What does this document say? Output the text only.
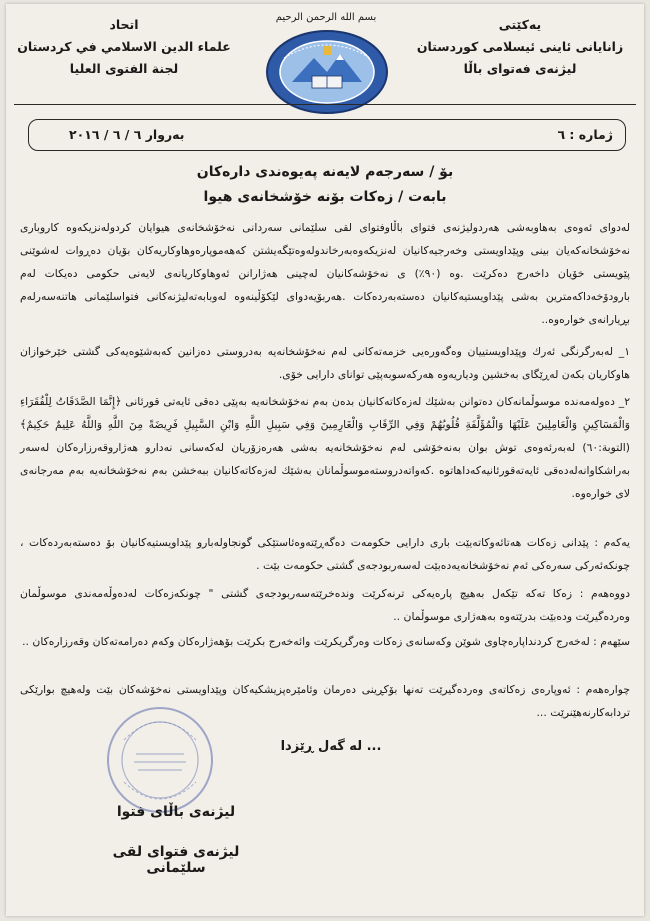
بسم الله الرحمن الرحيم	يەكێتی
زانایانی ئاینی ئیسلامی كوردستان
لیژنەی فەتوای باڵا
اتحاد
علماء الدين الاسلامي في كردستان
لجنة الفتوى العليا
ژمارە : ٦
بەروار ٦ / ٦ / ٢٠١٦
بۆ / سەرجەم لایەنە پەیوەندی دارەكان
بابەت / زەكات بۆنە خۆشخانەی هیوا

لەدوای ئەوەی بەهاوبەشی هەردولیژنەی فتوای باڵاوفتوای لقی سلێمانی سەردانی نەخۆشخانەی هیوایان كردولەنزیكەوە كاروباری نەخۆشخانەكەیان بینی وپێداویستی وخەرجیەكانیان لەنزیكەوەبەرخاندولەوەتێگەیشتن كەهەموپارەوهاوكاریەكان بۆیان دەڕوات لەشوێنی پێویستی خۆیان داخەرج دەكرێت .وە (٩٠٪) ی نەخۆشەكانیان لەچینی هەژارانن ئەوهاوكاریانەی لایەنی حكومی دەیكات لەم بارودۆخەداكەمترین بەشی پێداویستیەكانیان دەستەبەردەكات .هەربۆیەدوای لێكۆڵینەوە لەوبابەتەلیژنەكانی فتواسلێمانی هاتنەسەرلەم بڕیارانەی خوارەوە..

١_ لەبەرگرنگی ئەرك وپێداویستییان وەگەورەیی خزمەتەكانی لەم نەخۆشخانەیە بەدروستی دەزانین كەبەشێوەیەكی گشتی خێرخوازان هاوكاریان بكەن لەڕێگای بەخشین ودیاریەوە هەركەسوبەپێی توانای دارایی خۆی.

٢_ دەولەمەندە موسوڵمانەكان دەتوانن بەشێك لەزەكاتەكانیان بدەن بەم نەخۆشخانەیە بەپێی دەقی ئایەتی قورئانی ﴿إِنَّمَا الصَّدَقَاتُ لِلْفُقَرَاءِ وَالْمَسَاكِينِ وَالْعَامِلِينَ عَلَيْهَا وَالْمُؤَلَّفَةِ قُلُوبُهُمْ وَفِي الرِّقَابِ وَالْغَارِمِينَ وَفِي سَبِيلِ اللَّهِ وَابْنِ السَّبِيلِ فَرِيضَةً مِنَ اللَّهِ وَاللَّهُ عَلِيمٌ حَكِيمٌ﴾ (التوبة:٦٠) لەبەرئەوەی توش بوان بەنەخۆشی لەم نەخۆشخانەیە بەشی هەرەزۆریان لەكەسانی نەدارو هەژاروقەرزارەكان لەسەر بەراشكاوانەلەدەقی ئایەتەقورئانیەكەداهاتوە .كەواتەدروستەموسوڵمانان بەشێك لەزەكاتەكانیان ببەخشن بەم نەخۆشخانەیە بەم مەرجانەی لای خوارەوە.

یەكەم : پێدانی زەكات هەتائەوكاتەیێت باری دارایی حكومەت دەگەڕێتەوەئاستێكی گونجاولەبارو پێداویستیەكانیان بۆ دەستەبەردەكات ، چونكەئەركی سەرەكی ئەم نەخۆشخانەیەدەبێت لەسەربودجەی گشتی حكومەت بێت .

دووەهەم : زەكا تەكە تێكەل بەهیچ پارەیەكی ترنەكرێت وندەخرێتەسەربودجەی گشتی " چونكەزەكات لەدەوڵەمەندی موسوڵمان وەردەگیرێت ودەبێت بدرێتەوە بەهەژاری موسوڵمان ..

سێهەم : لەخەرج كردنداپارەچاوی شوێن وكەسانەی زەكات وەرگریكرێت وائەخەرج بكرێت بۆهەژارەكان وكەم دەرامەتەكان وقەرزارەكان ..

چوارەهەم : ئەوپارەی زەكاتەی وەردەگیرێت تەنها بۆكڕینی دەرمان وئامێرەپزیشكیەكان وپێداویستی نەخۆشەكان بێت ولەهیچ بوارێكی تردابەكارنەهێنرێت ...

لە گەل ڕێزدا ...
لیژنەی باڵای فتوا
لیژنەی فتوای لقی سلێمانی
